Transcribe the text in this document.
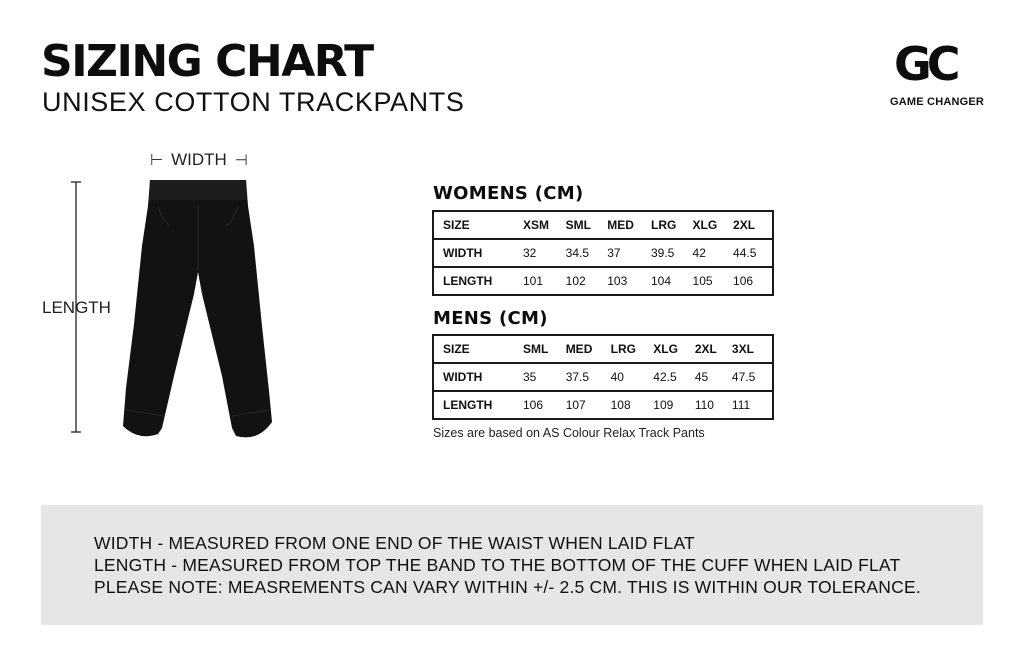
SIZING CHART
UNISEX COTTON TRACKPANTS
GC
GAME CHANGER
⊢ WIDTH ⊣
LENGTH
WOMENS (CM)
SIZE	XSM	SML	MED	LRG	XLG	2XL
WIDTH	32	34.5	37	39.5	42	44.5
LENGTH	101	102	103	104	105	106
MENS (CM)
SIZE	SML	MED	LRG	XLG	2XL	3XL
WIDTH	35	37.5	40	42.5	45	47.5
LENGTH	106	107	108	109	110	111
Sizes are based on AS Colour Relax Track Pants
WIDTH - MEASURED FROM ONE END OF THE WAIST WHEN LAID FLAT
LENGTH - MEASURED FROM TOP THE BAND TO THE BOTTOM OF THE CUFF WHEN LAID FLAT
PLEASE NOTE: MEASREMENTS CAN VARY WITHIN +/- 2.5 CM. THIS IS WITHIN OUR TOLERANCE.
